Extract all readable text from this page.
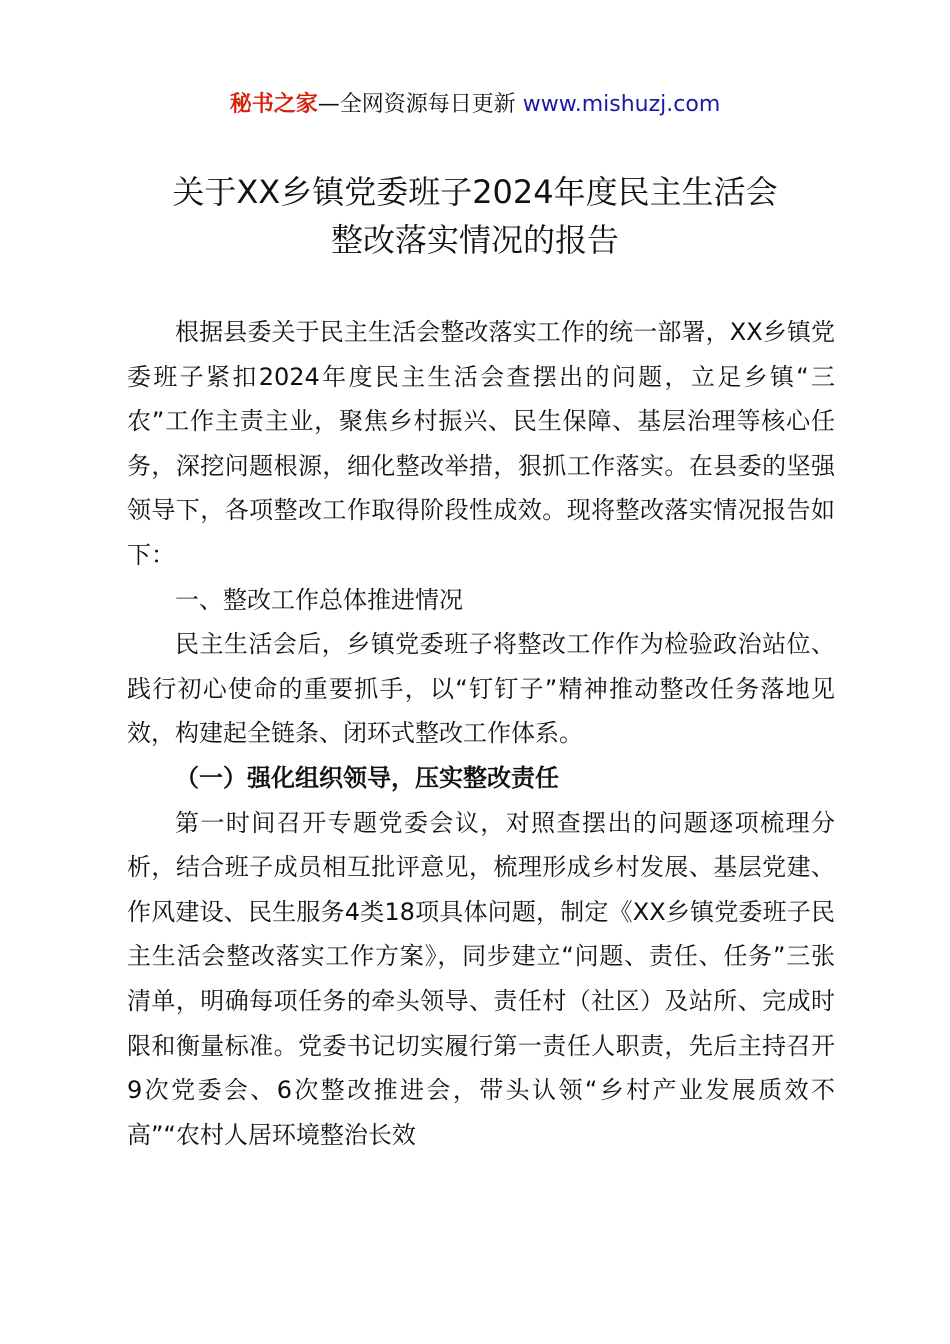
秘书之家—全网资源每日更新 www.mishuzj.com
关于XX乡镇党委班子2024年度民主生活会
整改落实情况的报告

根据县委关于民主生活会整改落实工作的统一部署，XX乡镇党委班子紧扣2024年度民主生活会查摆出的问题，立足乡镇“三农”工作主责主业，聚焦乡村振兴、民生保障、基层治理等核心任务，深挖问题根源，细化整改举措，狠抓工作落实。在县委的坚强领导下，各项整改工作取得阶段性成效。现将整改落实情况报告如下：

一、整改工作总体推进情况

民主生活会后，乡镇党委班子将整改工作作为检验政治站位、践行初心使命的重要抓手，以“钉钉子”精神推动整改任务落地见效，构建起全链条、闭环式整改工作体系。

（一）强化组织领导，压实整改责任

第一时间召开专题党委会议，对照查摆出的问题逐项梳理分析，结合班子成员相互批评意见，梳理形成乡村发展、基层党建、作风建设、民生服务4类18项具体问题，制定《XX乡镇党委班子民主生活会整改落实工作方案》，同步建立“问题、责任、任务”三张清单，明确每项任务的牵头领导、责任村（社区）及站所、完成时限和衡量标准。党委书记切实履行第一责任人职责，先后主持召开9次党委会、6次整改推进会，带头认领“乡村产业发展质效不高”“农村人居环境整治长效
